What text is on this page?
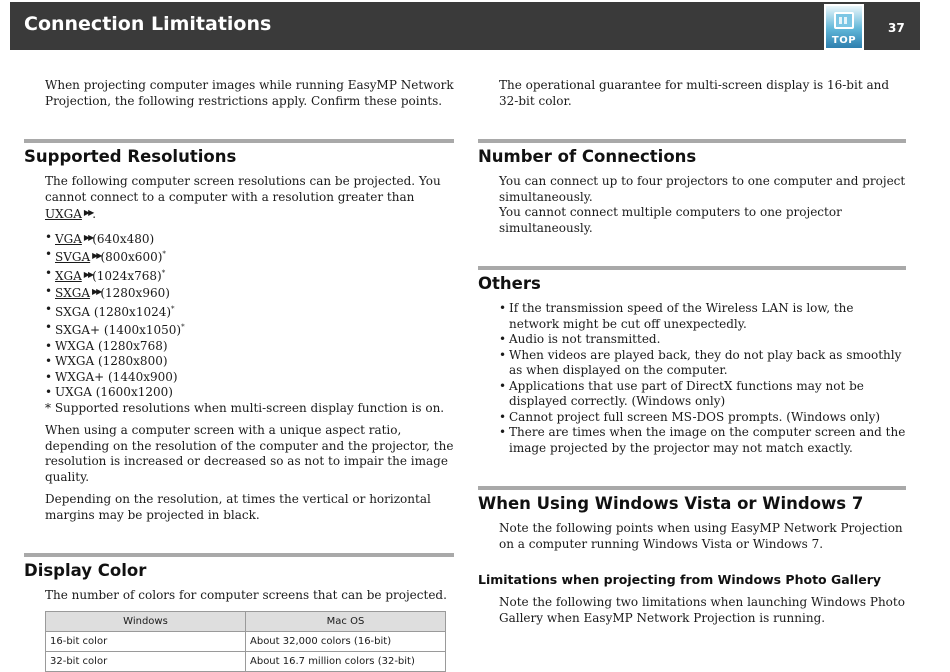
Connection Limitations
TOP
37

When projecting computer images while running EasyMP Network Projection, the following restrictions apply. Confirm these points.

Supported Resolutions

The following computer screen resolutions can be projected. You cannot connect to a computer with a resolution greater than UXGA ▶▶.

• VGA ▶▶(640x480)
• SVGA ▶▶(800x600)*
• XGA ▶▶(1024x768)*
• SXGA ▶▶(1280x960)
• SXGA (1280x1024)*
• SXGA+ (1400x1050)*
• WXGA (1280x768)
• WXGA (1280x800)
• WXGA+ (1440x900)
• UXGA (1600x1200)

* Supported resolutions when multi-screen display function is on.

When using a computer screen with a unique aspect ratio, depending on the resolution of the computer and the projector, the resolution is increased or decreased so as not to impair the image quality.

Depending on the resolution, at times the vertical or horizontal margins may be projected in black.

Display Color

The number of colors for computer screens that can be projected.

Windows	Mac OS
16-bit color	About 32,000 colors (16-bit)
32-bit color	About 16.7 million colors (32-bit)

The operational guarantee for multi-screen display is 16-bit and 32-bit color.

Number of Connections

You can connect up to four projectors to one computer and project simultaneously.

You cannot connect multiple computers to one projector simultaneously.

Others
• If the transmission speed of the Wireless LAN is low, the network might be cut off unexpectedly.
• Audio is not transmitted.
• When videos are played back, they do not play back as smoothly as when displayed on the computer.
• Applications that use part of DirectX functions may not be displayed correctly. (Windows only)
• Cannot project full screen MS-DOS prompts. (Windows only)
• There are times when the image on the computer screen and the image projected by the projector may not match exactly.
When Using Windows Vista or Windows 7

Note the following points when using EasyMP Network Projection on a computer running Windows Vista or Windows 7.

Limitations when projecting from Windows Photo Gallery

Note the following two limitations when launching Windows Photo Gallery when EasyMP Network Projection is running.
